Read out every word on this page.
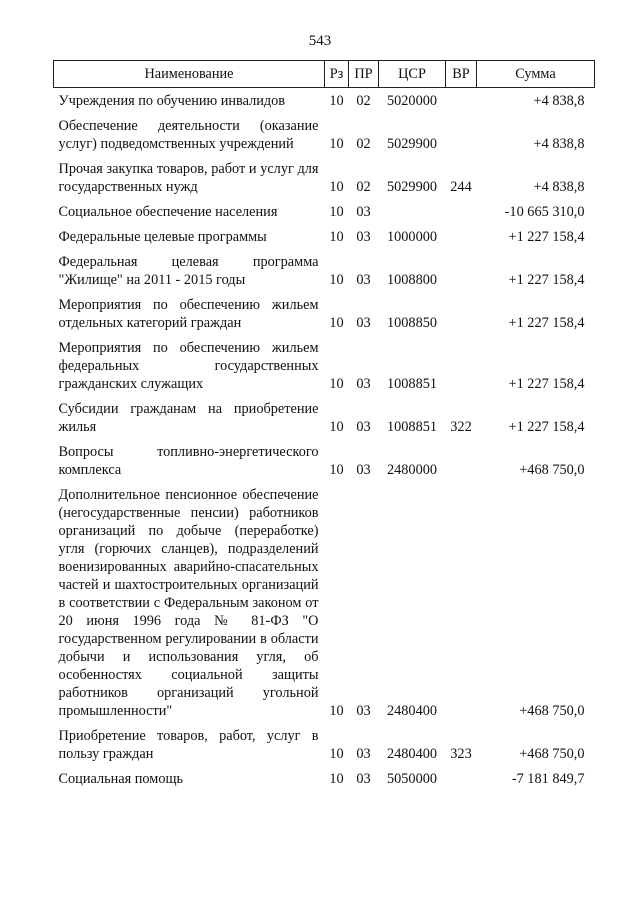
543
Наименование	Рз	ПР	ЦСР	ВР	Сумма
Учреждения по обучению инвалидов	10	02	5020000		+4 838,8
Обеспечение деятельности (оказание услуг) подведомственных учреждений	10	02	5029900		+4 838,8
Прочая закупка товаров, работ и услуг для государственных нужд	10	02	5029900	244	+4 838,8
Социальное обеспечение населения	10	03			-10 665 310,0
Федеральные целевые программы	10	03	1000000		+1 227 158,4
Федеральная целевая программа "Жилище" на 2011 - 2015 годы	10	03	1008800		+1 227 158,4
Мероприятия по обеспечению жильем отдельных категорий граждан	10	03	1008850		+1 227 158,4
Мероприятия по обеспечению жильем федеральных государственных гражданских служащих	10	03	1008851		+1 227 158,4
Субсидии гражданам на приобретение жилья	10	03	1008851	322	+1 227 158,4
Вопросы топливно-энергетического комплекса	10	03	2480000		+468 750,0
Дополнительное пенсионное обеспечение (негосударственные пенсии) работников организаций по добыче (переработке) угля (горючих сланцев), подразделений военизированных аварийно-спасательных частей и шахтостроительных организаций в соответствии с Федеральным законом от 20 июня 1996 года № 81-ФЗ "О государственном регулировании в области добычи и использования угля, об особенностях социальной защиты работников организаций угольной промышленности"	10	03	2480400		+468 750,0
Приобретение товаров, работ, услуг в пользу граждан	10	03	2480400	323	+468 750,0
Социальная помощь	10	03	5050000		-7 181 849,7
